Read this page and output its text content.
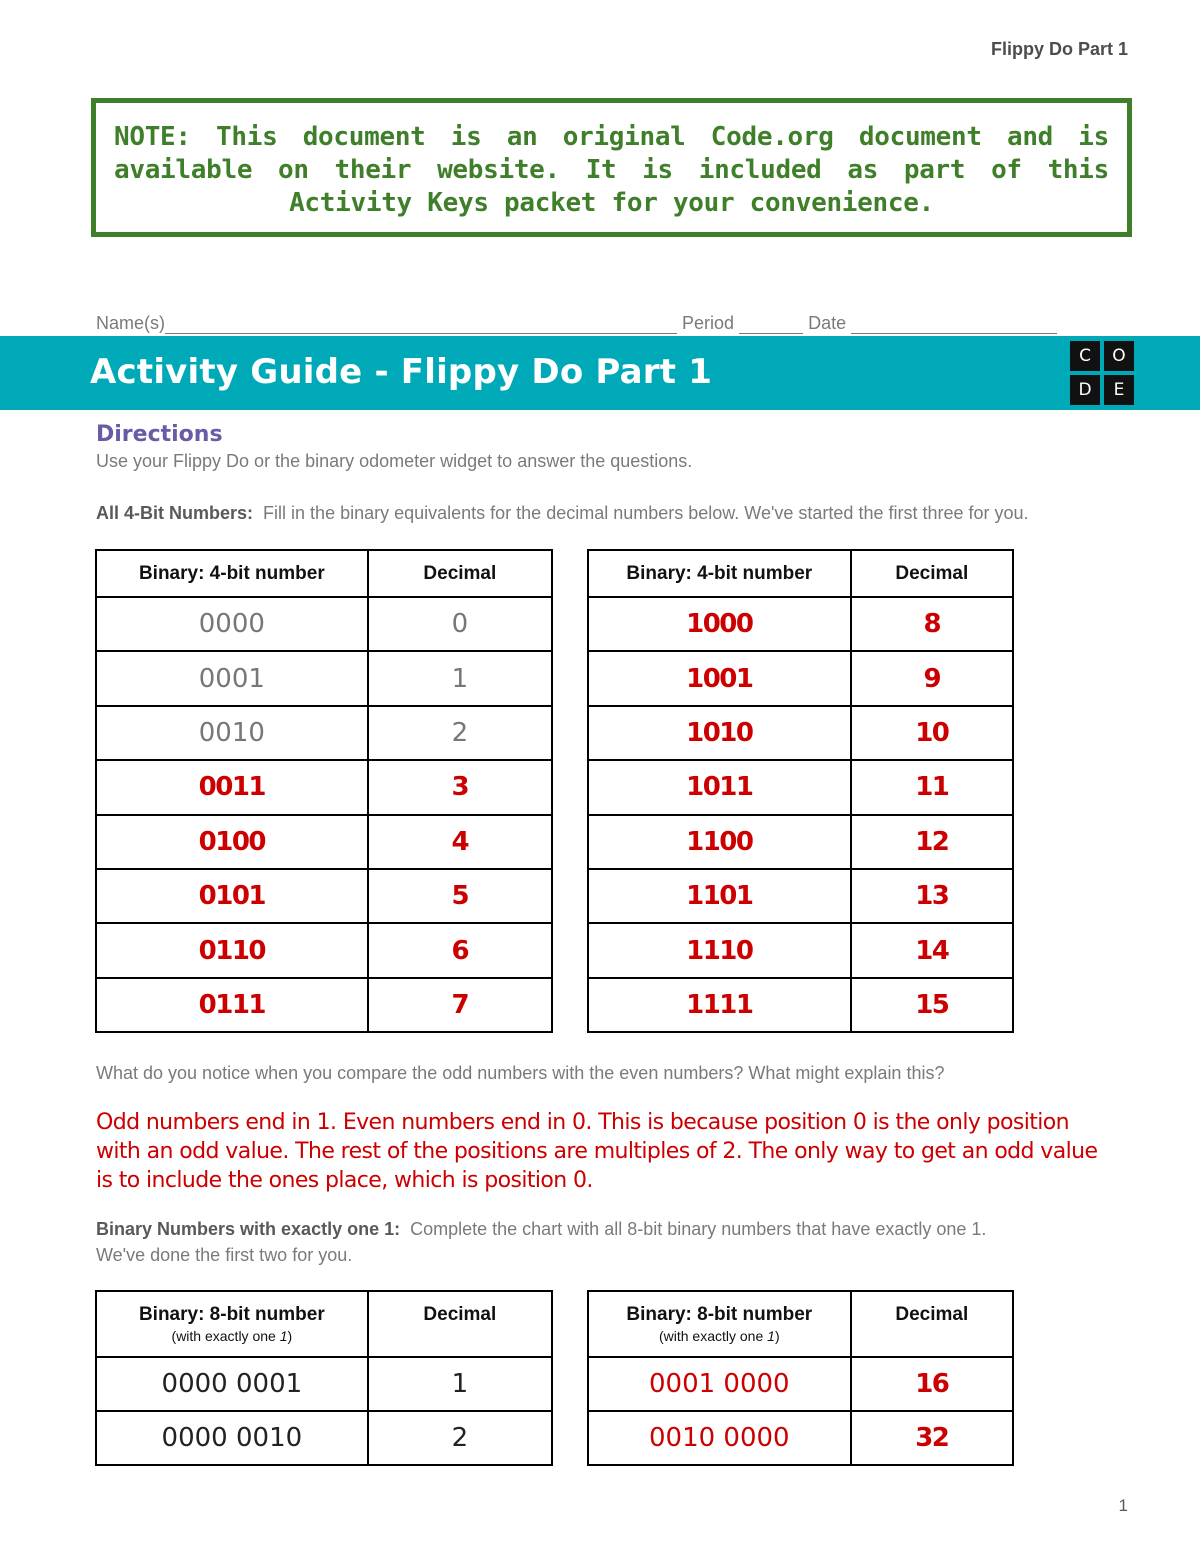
Flippy Do Part 1
NOTE: This document is an original Code.org document and is available on their website. It is included as part of this Activity Keys packet for your convenience.
Name(s)	Period	Date
Activity Guide - Flippy Do Part 1	C	O
D	E
Directions
Use your Flippy Do or the binary odometer widget to answer the questions.
All 4-Bit Numbers: Fill in the binary equivalents for the decimal numbers below. We've started the first three for you.
Binary: 4-bit number	Decimal
0000	0
0001	1
0010	2
0011	3
0100	4
0101	5
0110	6
0111	7
Binary: 4-bit number	Decimal
1000	8
1001	9
1010	10
1011	11
1100	12
1101	13
1110	14
1111	15
What do you notice when you compare the odd numbers with the even numbers? What might explain this?
Odd numbers end in 1. Even numbers end in 0. This is because position 0 is the only position with an odd value. The rest of the positions are multiples of 2. The only way to get an odd value is to include the ones place, which is position 0.
Binary Numbers with exactly one 1: Complete the chart with all 8-bit binary numbers that have exactly one 1.
We've done the first two for you.
Binary: 8-bit number
(with exactly one 1)	Decimal
0000 0001	1
0000 0010	2
Binary: 8-bit number
(with exactly one 1)	Decimal
0001 0000	16
0010 0000	32
1
